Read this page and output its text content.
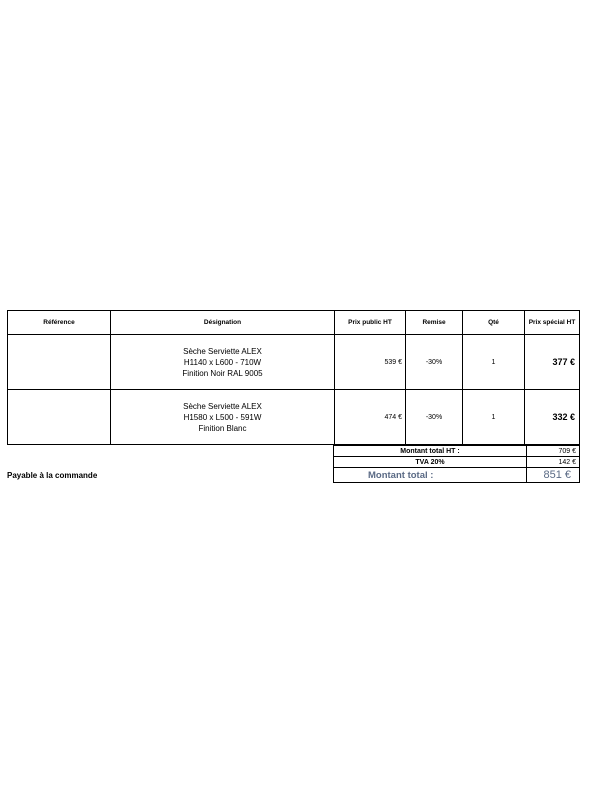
Référence	Désignation	Prix public HT	Remise	Qté	Prix spécial HT

	Sèche Serviette ALEX
H1140 x L600 - 710W
Finition Noir RAL 9005	539 €	-30%	1	377 €

	Sèche Serviette ALEX
H1580 x L500 - 591W
Finition Blanc	474 €	-30%	1	332 €
Montant total HT :	709 €
TVA 20%	142 €
Montant total :	851 €
Payable à la commande
